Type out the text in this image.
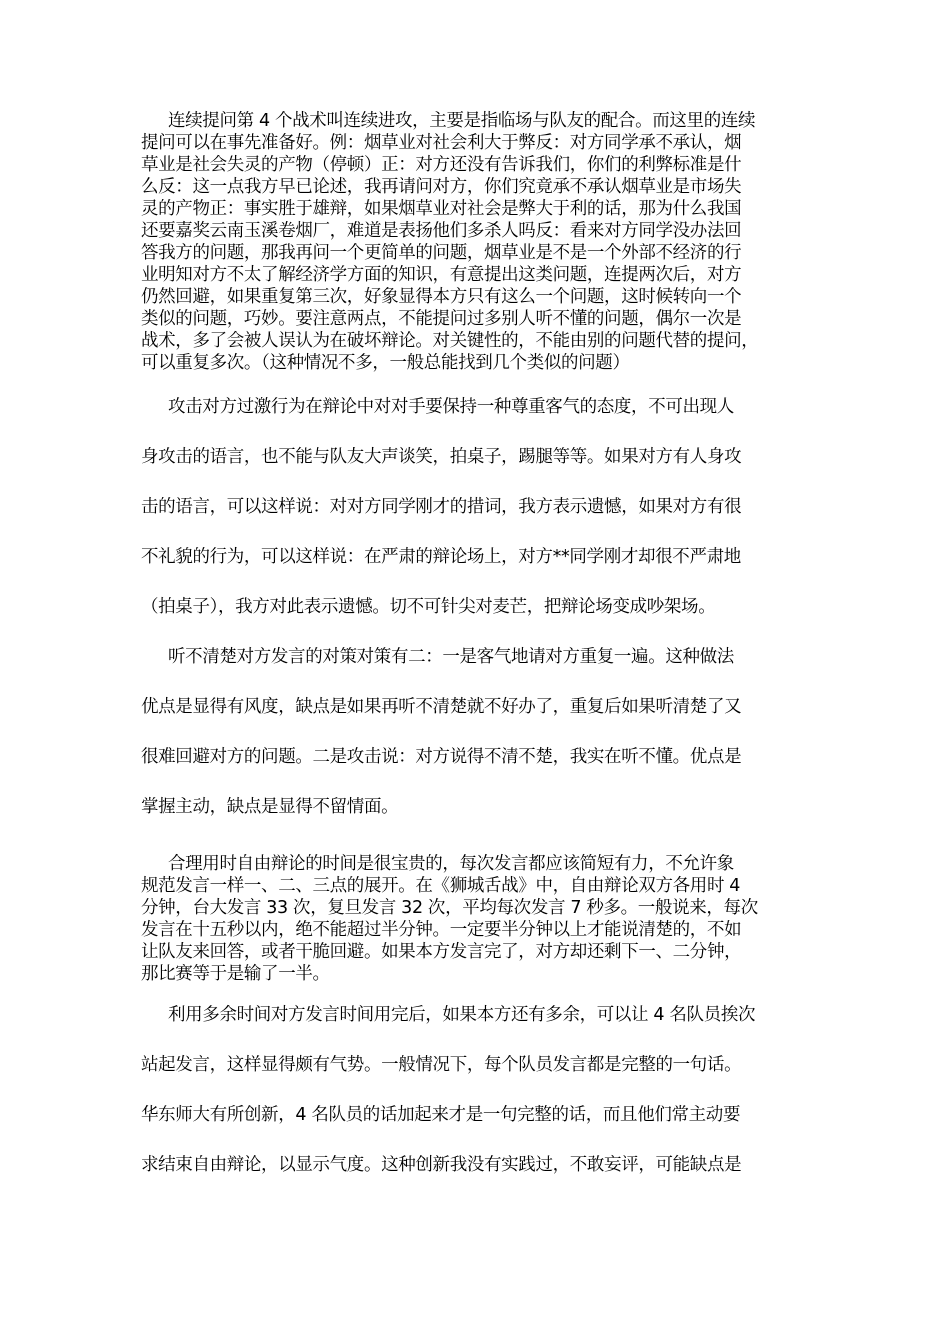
连续提问第 4 个战术叫连续进攻，主要是指临场与队友的配合。而这里的连续
提问可以在事先准备好。例：烟草业对社会利大于弊反：对方同学承不承认，烟
草业是社会失灵的产物（停顿）正：对方还没有告诉我们，你们的利弊标准是什
么反：这一点我方早已论述，我再请问对方，你们究竟承不承认烟草业是市场失
灵的产物正：事实胜于雄辩，如果烟草业对社会是弊大于利的话，那为什么我国
还要嘉奖云南玉溪卷烟厂，难道是表扬他们多杀人吗反：看来对方同学没办法回
答我方的问题，那我再问一个更简单的问题，烟草业是不是一个外部不经济的行
业明知对方不太了解经济学方面的知识，有意提出这类问题，连提两次后，对方
仍然回避，如果重复第三次，好象显得本方只有这么一个问题，这时候转向一个
类似的问题，巧妙。要注意两点，不能提问过多别人听不懂的问题，偶尔一次是
战术，多了会被人误认为在破坏辩论。对关键性的，不能由别的问题代替的提问，
可以重复多次。（这种情况不多，一般总能找到几个类似的问题）
攻击对方过激行为在辩论中对对手要保持一种尊重客气的态度，不可出现人
身攻击的语言，也不能与队友大声谈笑，拍桌子，踢腿等等。如果对方有人身攻
击的语言，可以这样说：对对方同学刚才的措词，我方表示遗憾，如果对方有很
不礼貌的行为，可以这样说：在严肃的辩论场上，对方**同学刚才却很不严肃地
（拍桌子），我方对此表示遗憾。切不可针尖对麦芒，把辩论场变成吵架场。
听不清楚对方发言的对策对策有二：一是客气地请对方重复一遍。这种做法
优点是显得有风度，缺点是如果再听不清楚就不好办了，重复后如果听清楚了又
很难回避对方的问题。二是攻击说：对方说得不清不楚，我实在听不懂。优点是
掌握主动，缺点是显得不留情面。
合理用时自由辩论的时间是很宝贵的，每次发言都应该简短有力，不允许象
规范发言一样一、二、三点的展开。在《狮城舌战》中，自由辩论双方各用时 4
分钟，台大发言 33 次，复旦发言 32 次，平均每次发言 7 秒多。一般说来，每次
发言在十五秒以内，绝不能超过半分钟。一定要半分钟以上才能说清楚的，不如
让队友来回答，或者干脆回避。如果本方发言完了，对方却还剩下一、二分钟，
那比赛等于是输了一半。
利用多余时间对方发言时间用完后，如果本方还有多余，可以让 4 名队员挨次
站起发言，这样显得颇有气势。一般情况下，每个队员发言都是完整的一句话。
华东师大有所创新，4 名队员的话加起来才是一句完整的话，而且他们常主动要
求结束自由辩论，以显示气度。这种创新我没有实践过，不敢妄评，可能缺点是
